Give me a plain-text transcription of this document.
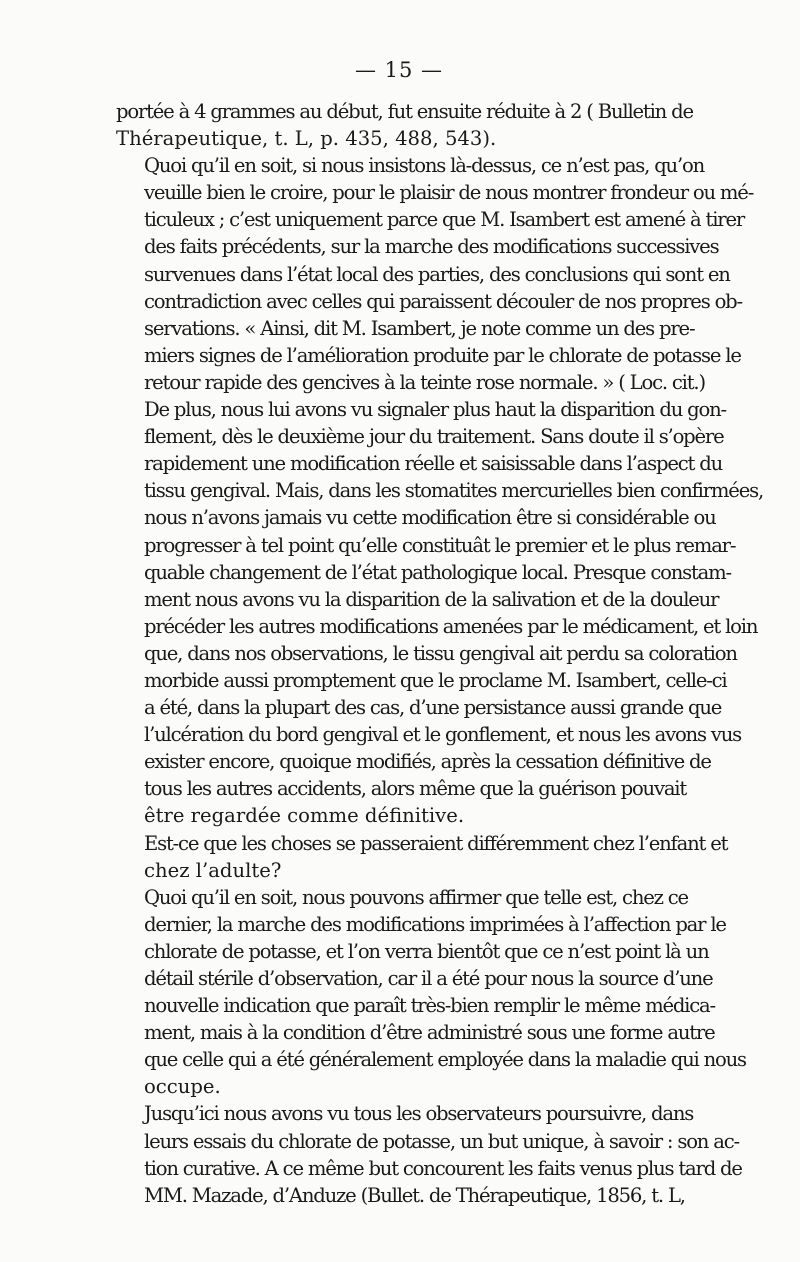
— 15 —

portée à 4 grammes au début, fut ensuite réduite à 2 ( Bulletin de
Thérapeutique, t. L, p. 435, 488, 543).

Quoi qu’il en soit, si nous insistons là-dessus, ce n’est pas, qu’on
veuille bien le croire, pour le plaisir de nous montrer frondeur ou mé-
ticuleux ; c’est uniquement parce que M. Isambert est amené à tirer
des faits précédents, sur la marche des modifications successives
survenues dans l’état local des parties, des conclusions qui sont en
contradiction avec celles qui paraissent découler de nos propres ob-
servations. « Ainsi, dit M. Isambert, je note comme un des pre-
miers signes de l’amélioration produite par le chlorate de potasse le
retour rapide des gencives à la teinte rose normale. » ( Loc. cit.)
De plus, nous lui avons vu signaler plus haut la disparition du gon-
flement, dès le deuxième jour du traitement. Sans doute il s’opère
rapidement une modification réelle et saisissable dans l’aspect du
tissu gengival. Mais, dans les stomatites mercurielles bien confirmées,
nous n’avons jamais vu cette modification être si considérable ou
progresser à tel point qu’elle constituât le premier et le plus remar-
quable changement de l’état pathologique local. Presque constam-
ment nous avons vu la disparition de la salivation et de la douleur
précéder les autres modifications amenées par le médicament, et loin
que, dans nos observations, le tissu gengival ait perdu sa coloration
morbide aussi promptement que le proclame M. Isambert, celle-ci
a été, dans la plupart des cas, d’une persistance aussi grande que
l’ulcération du bord gengival et le gonflement, et nous les avons vus
exister encore, quoique modifiés, après la cessation définitive de
tous les autres accidents, alors même que la guérison pouvait
être regardée comme définitive.

Est-ce que les choses se passeraient différemment chez l’enfant et
chez l’adulte?

Quoi qu’il en soit, nous pouvons affirmer que telle est, chez ce
dernier, la marche des modifications imprimées à l’affection par le
chlorate de potasse, et l’on verra bientôt que ce n’est point là un
détail stérile d’observation, car il a été pour nous la source d’une
nouvelle indication que paraît très-bien remplir le même médica-
ment, mais à la condition d’être administré sous une forme autre
que celle qui a été généralement employée dans la maladie qui nous
occupe.

Jusqu’ici nous avons vu tous les observateurs poursuivre, dans
leurs essais du chlorate de potasse, un but unique, à savoir : son ac-
tion curative. A ce même but concourent les faits venus plus tard de
MM. Mazade, d’Anduze (Bullet. de Thérapeutique, 1856, t. L,
